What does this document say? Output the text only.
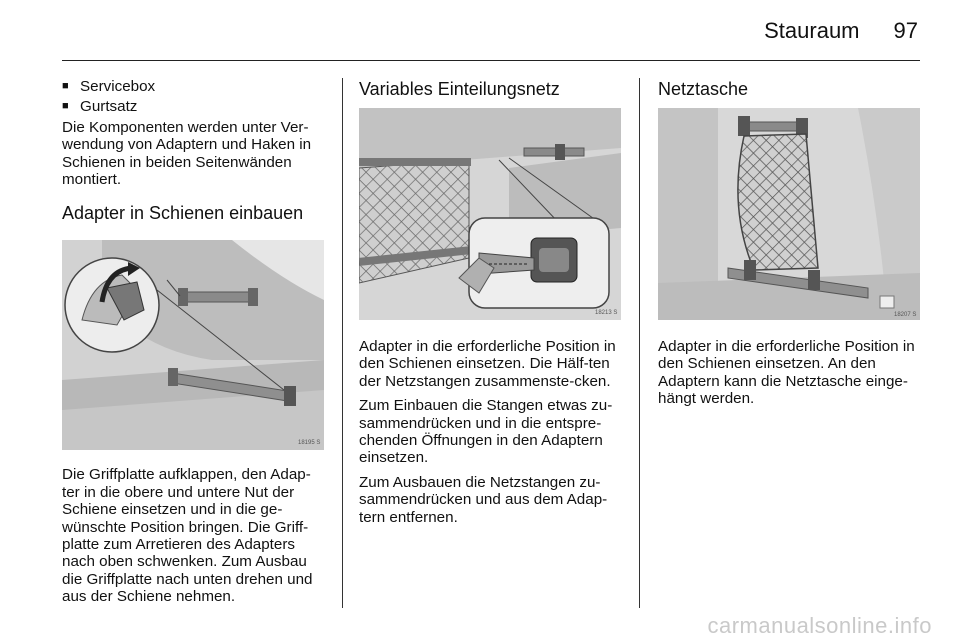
Stauraum 97
■ Servicebox
■ Gurtsatz

Die Komponenten werden unter Ver-wendung von Adaptern und Haken in Schienen in beiden Seitenwänden montiert.

Adapter in Schienen einbauen
18195 S

Die Griffplatte aufklappen, den Adap-ter in die obere und untere Nut der Schiene einsetzen und in die ge-wünschte Position bringen. Die Griff-platte zum Arretieren des Adapters nach oben schwenken. Zum Ausbau die Griffplatte nach unten drehen und aus der Schiene nehmen.

Variables Einteilungsnetz
18213 S

Adapter in die erforderliche Position in den Schienen einsetzen. Die Hälf-ten der Netzstangen zusammenste-cken.

Zum Einbauen die Stangen etwas zu-sammendrücken und in die entspre-chenden Öffnungen in den Adaptern einsetzen.

Zum Ausbauen die Netzstangen zu-sammendrücken und aus dem Adap-tern entfernen.

Netztasche
18207 S

Adapter in die erforderliche Position in den Schienen einsetzen. An den Adaptern kann die Netztasche einge-hängt werden.

carmanualsonline.info
